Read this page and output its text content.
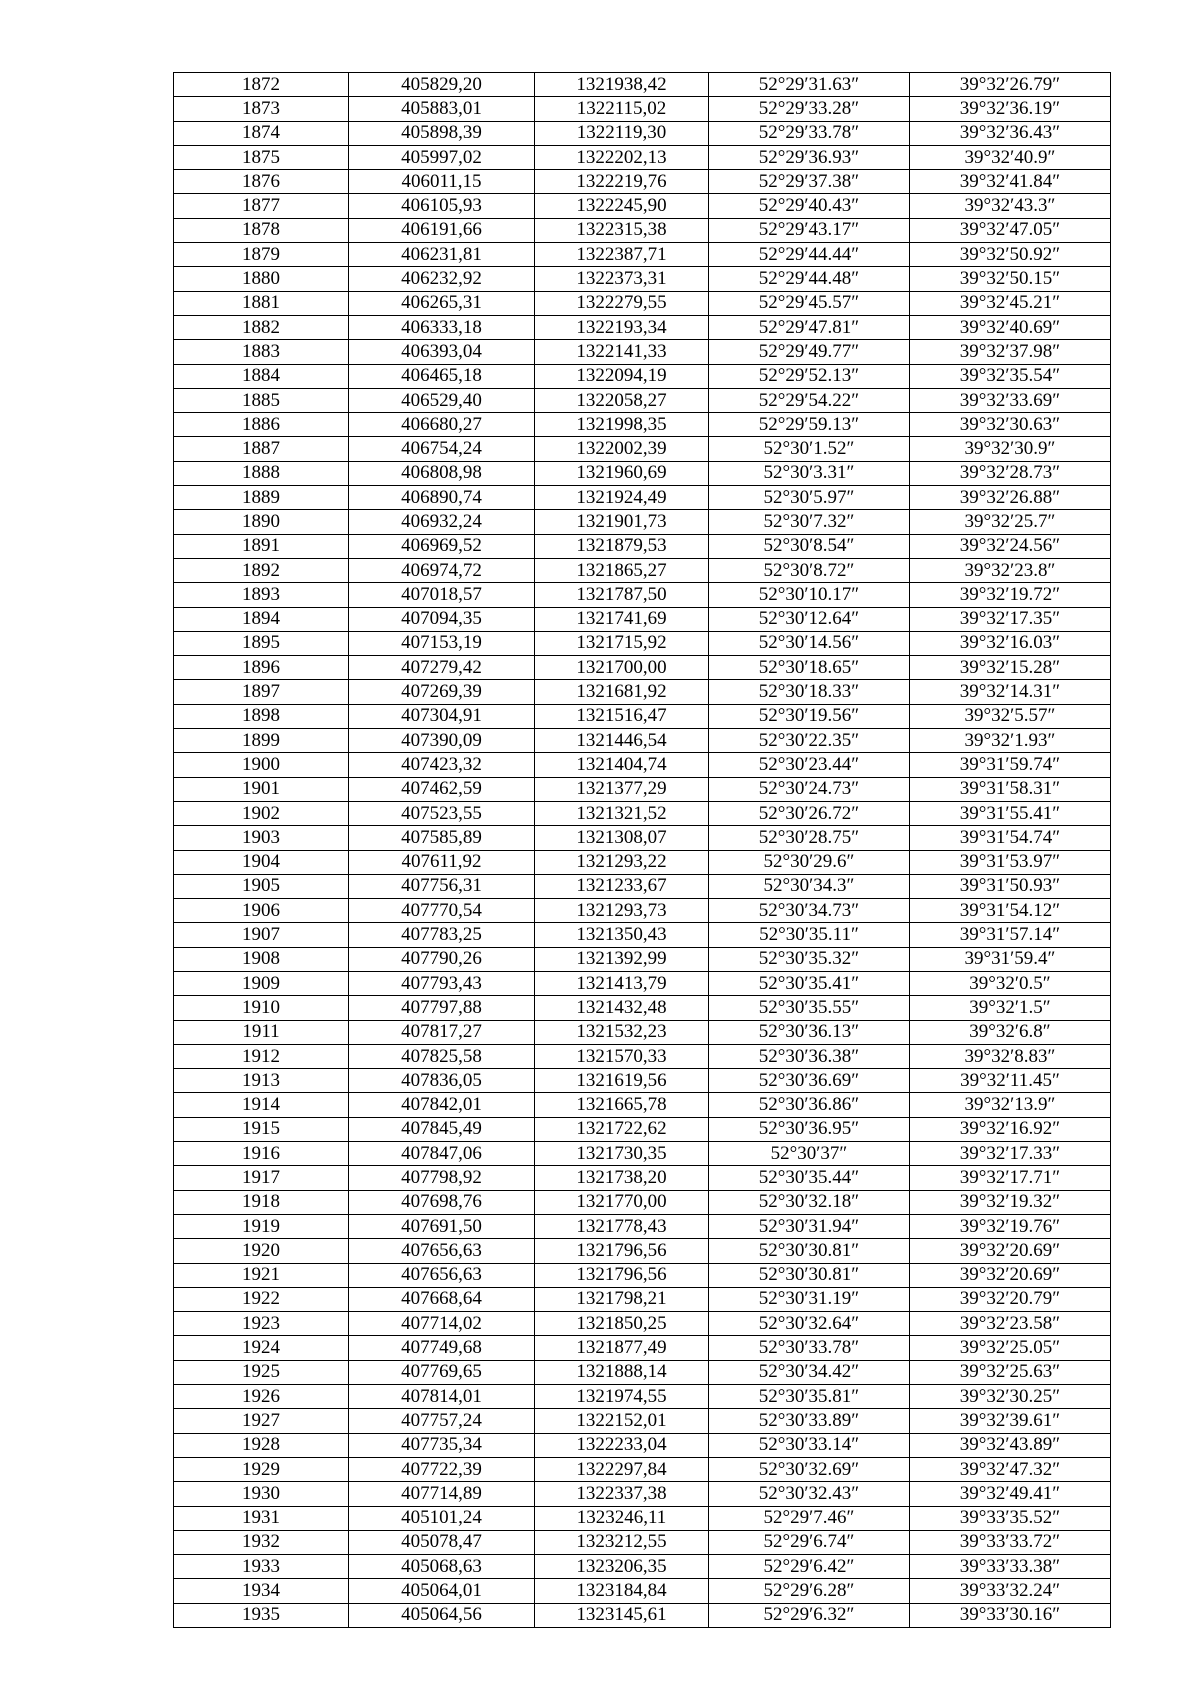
1872	405829,20	1321938,42	52°29′31.63″	39°32′26.79″
1873	405883,01	1322115,02	52°29′33.28″	39°32′36.19″
1874	405898,39	1322119,30	52°29′33.78″	39°32′36.43″
1875	405997,02	1322202,13	52°29′36.93″	39°32′40.9″
1876	406011,15	1322219,76	52°29′37.38″	39°32′41.84″
1877	406105,93	1322245,90	52°29′40.43″	39°32′43.3″
1878	406191,66	1322315,38	52°29′43.17″	39°32′47.05″
1879	406231,81	1322387,71	52°29′44.44″	39°32′50.92″
1880	406232,92	1322373,31	52°29′44.48″	39°32′50.15″
1881	406265,31	1322279,55	52°29′45.57″	39°32′45.21″
1882	406333,18	1322193,34	52°29′47.81″	39°32′40.69″
1883	406393,04	1322141,33	52°29′49.77″	39°32′37.98″
1884	406465,18	1322094,19	52°29′52.13″	39°32′35.54″
1885	406529,40	1322058,27	52°29′54.22″	39°32′33.69″
1886	406680,27	1321998,35	52°29′59.13″	39°32′30.63″
1887	406754,24	1322002,39	52°30′1.52″	39°32′30.9″
1888	406808,98	1321960,69	52°30′3.31″	39°32′28.73″
1889	406890,74	1321924,49	52°30′5.97″	39°32′26.88″
1890	406932,24	1321901,73	52°30′7.32″	39°32′25.7″
1891	406969,52	1321879,53	52°30′8.54″	39°32′24.56″
1892	406974,72	1321865,27	52°30′8.72″	39°32′23.8″
1893	407018,57	1321787,50	52°30′10.17″	39°32′19.72″
1894	407094,35	1321741,69	52°30′12.64″	39°32′17.35″
1895	407153,19	1321715,92	52°30′14.56″	39°32′16.03″
1896	407279,42	1321700,00	52°30′18.65″	39°32′15.28″
1897	407269,39	1321681,92	52°30′18.33″	39°32′14.31″
1898	407304,91	1321516,47	52°30′19.56″	39°32′5.57″
1899	407390,09	1321446,54	52°30′22.35″	39°32′1.93″
1900	407423,32	1321404,74	52°30′23.44″	39°31′59.74″
1901	407462,59	1321377,29	52°30′24.73″	39°31′58.31″
1902	407523,55	1321321,52	52°30′26.72″	39°31′55.41″
1903	407585,89	1321308,07	52°30′28.75″	39°31′54.74″
1904	407611,92	1321293,22	52°30′29.6″	39°31′53.97″
1905	407756,31	1321233,67	52°30′34.3″	39°31′50.93″
1906	407770,54	1321293,73	52°30′34.73″	39°31′54.12″
1907	407783,25	1321350,43	52°30′35.11″	39°31′57.14″
1908	407790,26	1321392,99	52°30′35.32″	39°31′59.4″
1909	407793,43	1321413,79	52°30′35.41″	39°32′0.5″
1910	407797,88	1321432,48	52°30′35.55″	39°32′1.5″
1911	407817,27	1321532,23	52°30′36.13″	39°32′6.8″
1912	407825,58	1321570,33	52°30′36.38″	39°32′8.83″
1913	407836,05	1321619,56	52°30′36.69″	39°32′11.45″
1914	407842,01	1321665,78	52°30′36.86″	39°32′13.9″
1915	407845,49	1321722,62	52°30′36.95″	39°32′16.92″
1916	407847,06	1321730,35	52°30′37″	39°32′17.33″
1917	407798,92	1321738,20	52°30′35.44″	39°32′17.71″
1918	407698,76	1321770,00	52°30′32.18″	39°32′19.32″
1919	407691,50	1321778,43	52°30′31.94″	39°32′19.76″
1920	407656,63	1321796,56	52°30′30.81″	39°32′20.69″
1921	407656,63	1321796,56	52°30′30.81″	39°32′20.69″
1922	407668,64	1321798,21	52°30′31.19″	39°32′20.79″
1923	407714,02	1321850,25	52°30′32.64″	39°32′23.58″
1924	407749,68	1321877,49	52°30′33.78″	39°32′25.05″
1925	407769,65	1321888,14	52°30′34.42″	39°32′25.63″
1926	407814,01	1321974,55	52°30′35.81″	39°32′30.25″
1927	407757,24	1322152,01	52°30′33.89″	39°32′39.61″
1928	407735,34	1322233,04	52°30′33.14″	39°32′43.89″
1929	407722,39	1322297,84	52°30′32.69″	39°32′47.32″
1930	407714,89	1322337,38	52°30′32.43″	39°32′49.41″
1931	405101,24	1323246,11	52°29′7.46″	39°33′35.52″
1932	405078,47	1323212,55	52°29′6.74″	39°33′33.72″
1933	405068,63	1323206,35	52°29′6.42″	39°33′33.38″
1934	405064,01	1323184,84	52°29′6.28″	39°33′32.24″
1935	405064,56	1323145,61	52°29′6.32″	39°33′30.16″
